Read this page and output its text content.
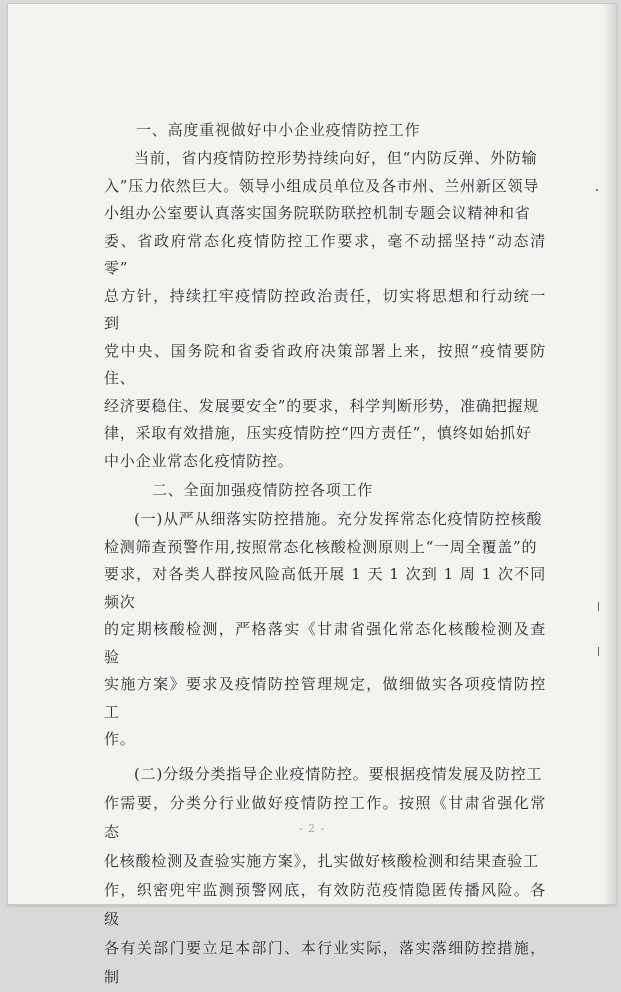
一、高度重视做好中小企业疫情防控工作

当前，省内疫情防控形势持续向好，但“内防反弹、外防输
入”压力依然巨大。领导小组成员单位及各市州、兰州新区领导
小组办公室要认真落实国务院联防联控机制专题会议精神和省
委、省政府常态化疫情防控工作要求，毫不动摇坚持“动态清零”
总方针，持续扛牢疫情防控政治责任，切实将思想和行动统一到
党中央、国务院和省委省政府决策部署上来，按照“疫情要防住、
经济要稳住、发展要安全”的要求，科学判断形势，准确把握规
律，采取有效措施，压实疫情防控“四方责任”，慎终如始抓好
中小企业常态化疫情防控。

二、全面加强疫情防控各项工作

(一)从严从细落实防控措施。充分发挥常态化疫情防控核酸
检测筛查预警作用,按照常态化核酸检测原则上“一周全覆盖”的
要求，对各类人群按风险高低开展 1 天 1 次到 1 周 1 次不同频次
的定期核酸检测，严格落实《甘肃省强化常态化核酸检测及查验
实施方案》要求及疫情防控管理规定，做细做实各项疫情防控工
作。

(二)分级分类指导企业疫情防控。要根据疫情发展及防控工
作需要，分类分行业做好疫情防控工作。按照《甘肃省强化常态
化核酸检测及查验实施方案》，扎实做好核酸检测和结果查验工
作，织密兜牢监测预警网底，有效防范疫情隐匿传播风险。各级
各有关部门要立足本部门、本行业实际，落实落细防控措施，制

- 2 -
